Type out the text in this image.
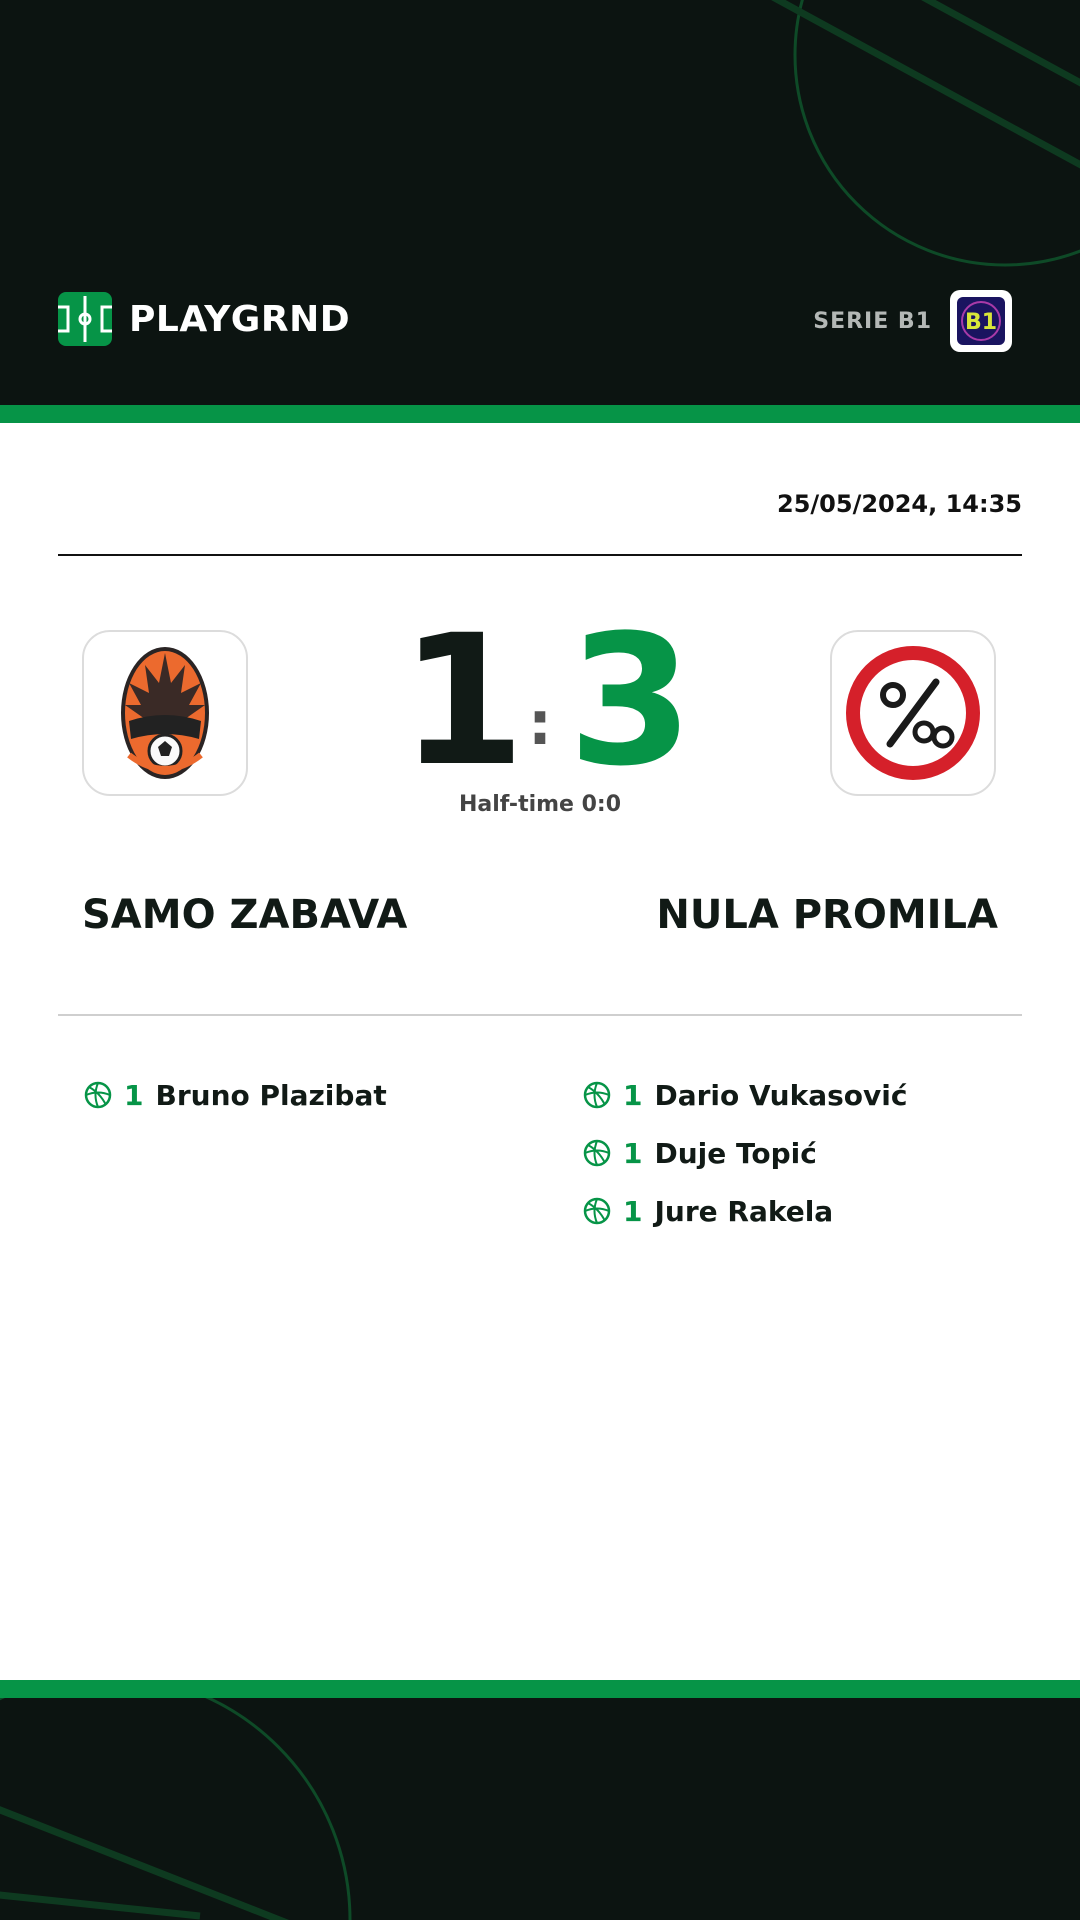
PLAYGRND	SERIE B1 B1
25/05/2024, 14:35
1 : 3
Half-time 0:0
SAMO ZABAVA	NULA PROMILA
1 Bruno Plazibat	1 Dario Vukasović
1 Duje Topić
1 Jure Rakela
